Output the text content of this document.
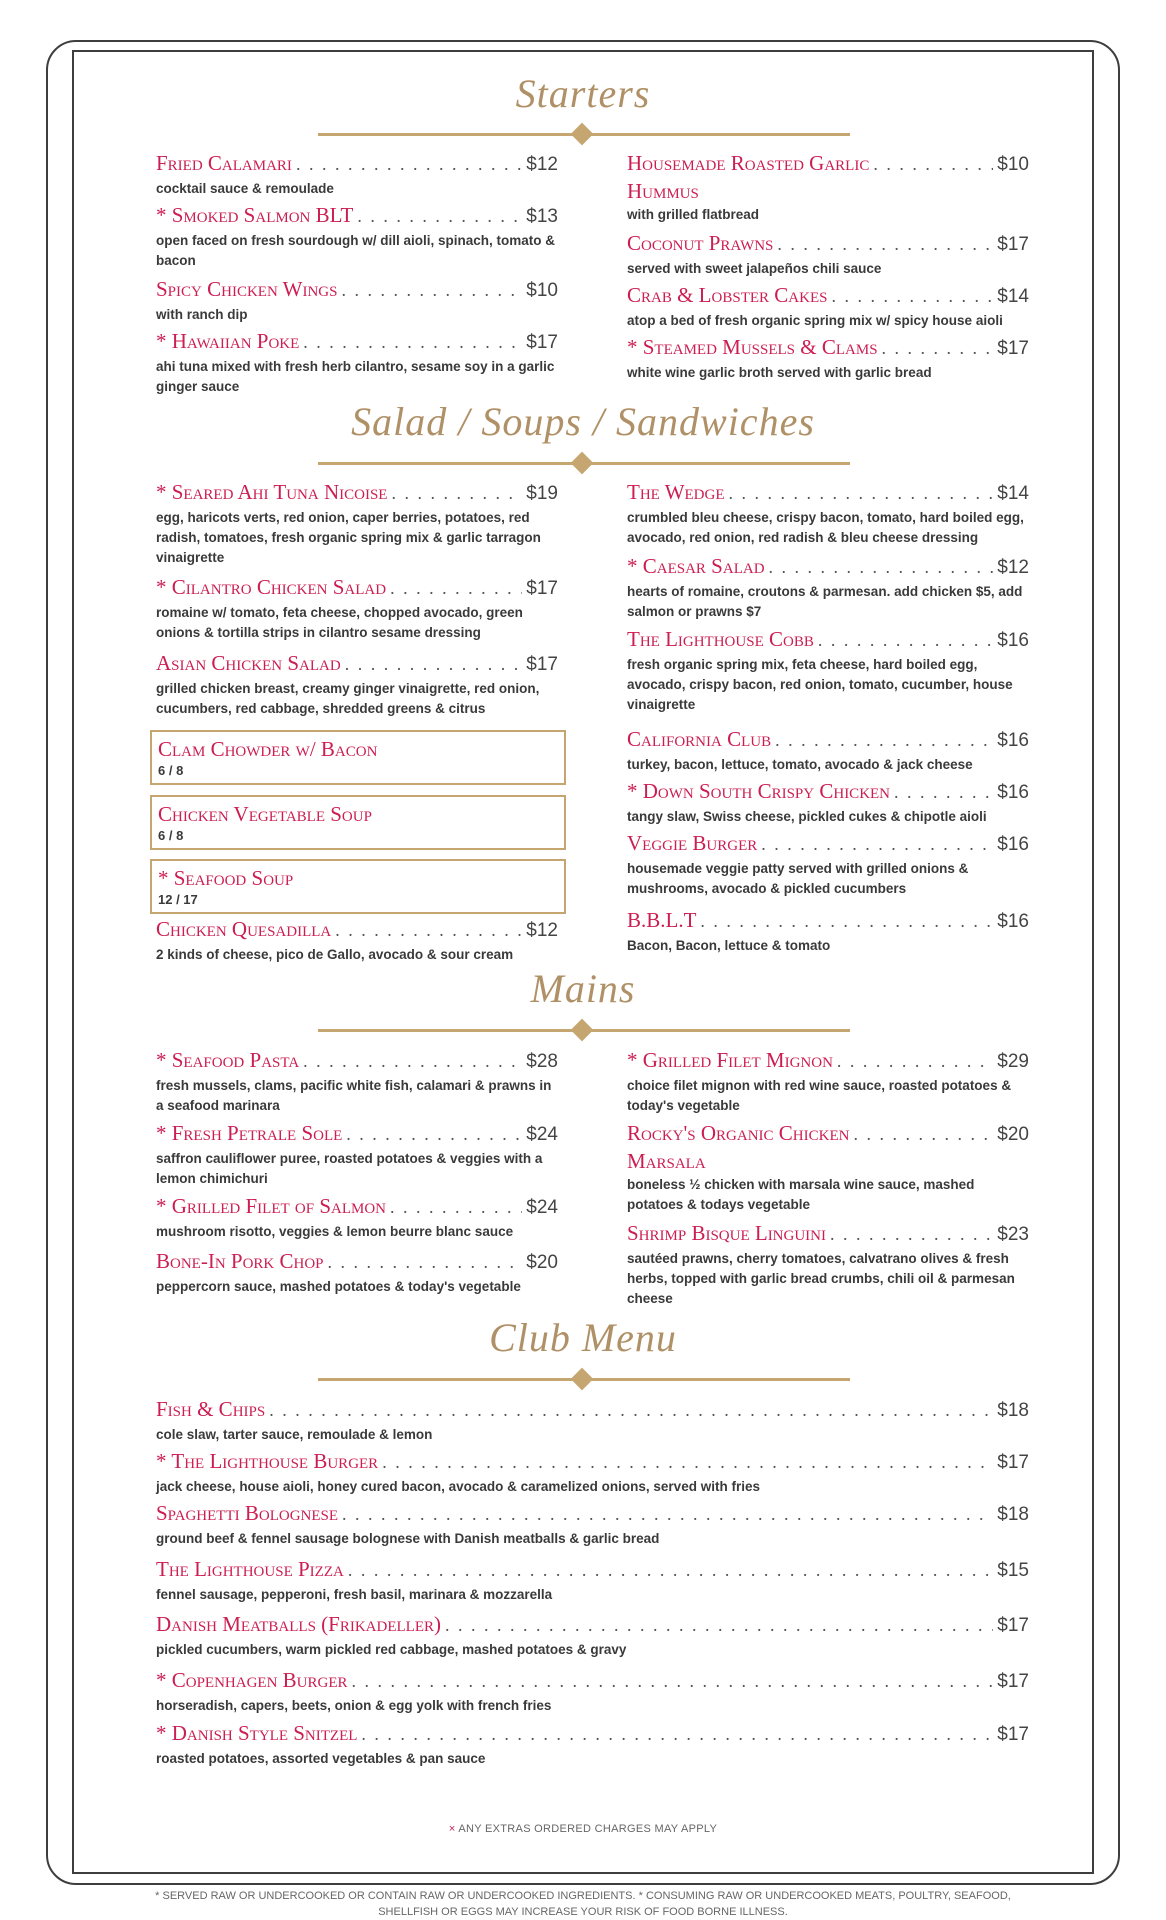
Starters
Fried Calamari . . .	$12
cocktail sauce & remoulade
* Smoked Salmon BLT . . .	$13
open faced on fresh sourdough w/ dill aioli, spinach, tomato & bacon
Spicy Chicken Wings . . .	$10
with ranch dip
* Hawaiian Poke . . .	$17
ahi tuna mixed with fresh herb cilantro, sesame soy in a garlic ginger sauce
Housemade Roasted Garlic . . .	$10
Hummus
with grilled flatbread
Coconut Prawns . . .	$17
served with sweet jalapeños chili sauce
Crab & Lobster Cakes . . .	$14
atop a bed of fresh organic spring mix w/ spicy house aioli
* Steamed Mussels & Clams . . .	$17
white wine garlic broth served with garlic bread
Salad / Soups / Sandwiches
* Seared Ahi Tuna Nicoise . . .	$19
egg, haricots verts, red onion, caper berries, potatoes, red radish, tomatoes, fresh organic spring mix & garlic tarragon vinaigrette
* Cilantro Chicken Salad . . .	$17
romaine w/ tomato, feta cheese, chopped avocado, green onions & tortilla strips in cilantro sesame dressing
Asian Chicken Salad . . .	$17
grilled chicken breast, creamy ginger vinaigrette, red onion, cucumbers, red cabbage, shredded greens & citrus
Clam Chowder w/ Bacon
6 / 8
Chicken Vegetable Soup
6 / 8
* Seafood Soup
12 / 17
Chicken Quesadilla . . .	$12
2 kinds of cheese, pico de Gallo, avocado & sour cream
The Wedge . . .	$14
crumbled bleu cheese, crispy bacon, tomato, hard boiled egg, avocado, red onion, red radish & bleu cheese dressing
* Caesar Salad . . .	$12
hearts of romaine, croutons & parmesan. add chicken $5, add salmon or prawns $7
The Lighthouse Cobb . . .	$16
fresh organic spring mix, feta cheese, hard boiled egg, avocado, crispy bacon, red onion, tomato, cucumber, house vinaigrette
California Club . . .	$16
turkey, bacon, lettuce, tomato, avocado & jack cheese
* Down South Crispy Chicken . . .	$16
tangy slaw, Swiss cheese, pickled cukes & chipotle aioli
Veggie Burger . . .	$16
housemade veggie patty served with grilled onions & mushrooms, avocado & pickled cucumbers
B.B.L.T . . .	$16
Bacon, Bacon, lettuce & tomato
Mains
* Seafood Pasta . . .	$28
fresh mussels, clams, pacific white fish, calamari & prawns in a seafood marinara
* Fresh Petrale Sole . . .	$24
saffron cauliflower puree, roasted potatoes & veggies with a lemon chimichuri
* Grilled Filet of Salmon . . .	$24
mushroom risotto, veggies & lemon beurre blanc sauce
Bone-In Pork Chop . . .	$20
peppercorn sauce, mashed potatoes & today's vegetable
* Grilled Filet Mignon . . .	$29
choice filet mignon with red wine sauce, roasted potatoes & today's vegetable
Rocky's Organic Chicken . . .	$20
Marsala
boneless ½ chicken with marsala wine sauce, mashed potatoes & todays vegetable
Shrimp Bisque Linguini . . .	$23
sautéed prawns, cherry tomatoes, calvatrano olives & fresh herbs, topped with garlic bread crumbs, chili oil & parmesan cheese
Club Menu
Fish & Chips . . .	$18
cole slaw, tarter sauce, remoulade & lemon
* The Lighthouse Burger . . .	$17
jack cheese, house aioli, honey cured bacon, avocado & caramelized onions, served with fries
Spaghetti Bolognese . . .	$18
ground beef & fennel sausage bolognese with Danish meatballs & garlic bread
The Lighthouse Pizza . . .	$15
fennel sausage, pepperoni, fresh basil, marinara & mozzarella
Danish Meatballs (Frikadeller) . . .	$17
pickled cucumbers, warm pickled red cabbage, mashed potatoes & gravy
* Copenhagen Burger . . .	$17
horseradish, capers, beets, onion & egg yolk with french fries
* Danish Style Snitzel . . .	$17
roasted potatoes, assorted vegetables & pan sauce
× ANY EXTRAS ORDERED CHARGES MAY APPLY
* SERVED RAW OR UNDERCOOKED OR CONTAIN RAW OR UNDERCOOKED INGREDIENTS. * CONSUMING RAW OR UNDERCOOKED MEATS, POULTRY, SEAFOOD, SHELLFISH OR EGGS MAY INCREASE YOUR RISK OF FOOD BORNE ILLNESS.
